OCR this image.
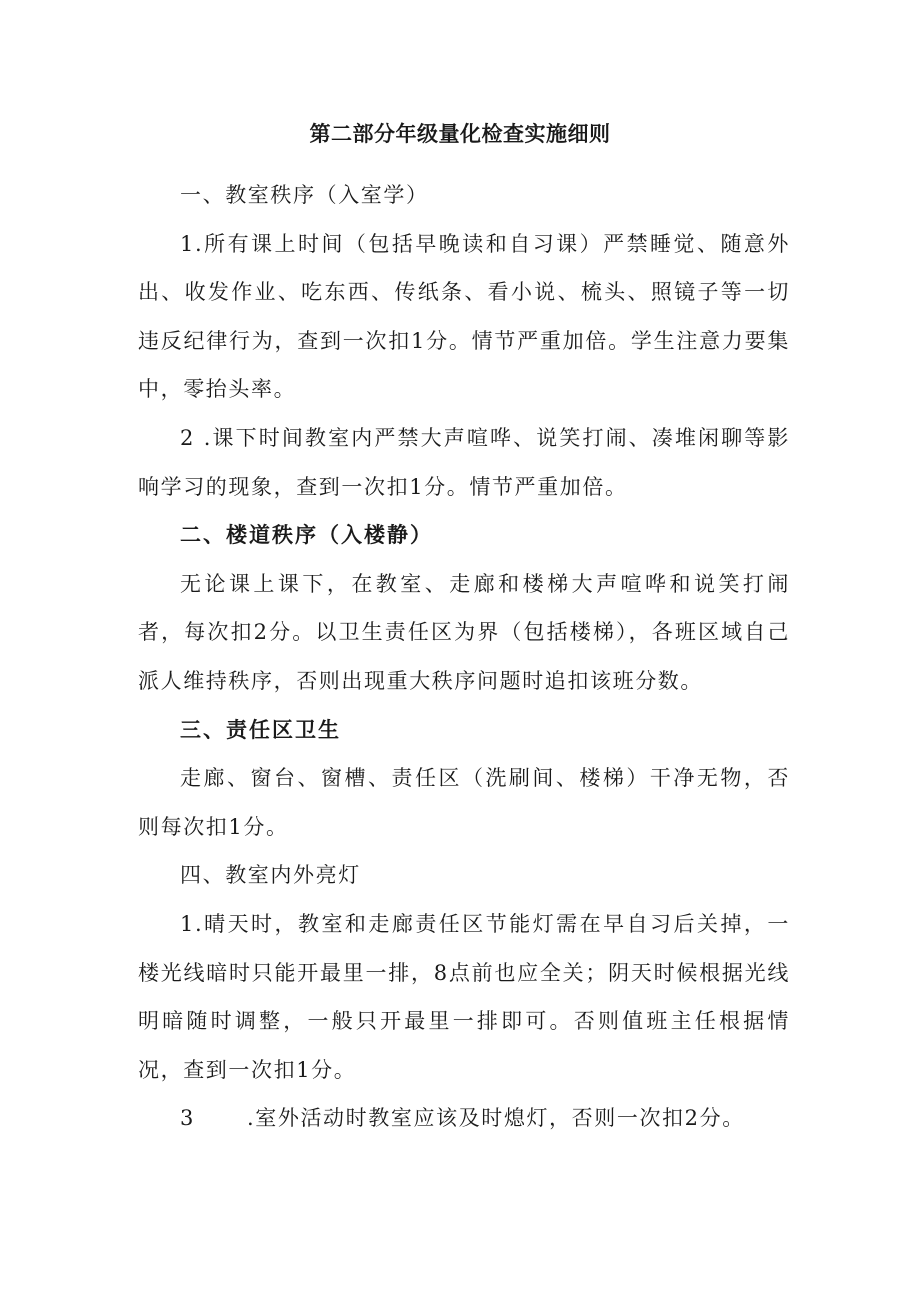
第二部分年级量化检查实施细则

一、教室秩序（入室学）

1.所有课上时间（包括早晚读和自习课）严禁睡觉、随意外出、收发作业、吃东西、传纸条、看小说、梳头、照镜子等一切违反纪律行为，查到一次扣1分。情节严重加倍。学生注意力要集中，零抬头率。

2 .课下时间教室内严禁大声喧哗、说笑打闹、凑堆闲聊等影响学习的现象，查到一次扣1分。情节严重加倍。

二、楼道秩序（入楼静）

无论课上课下，在教室、走廊和楼梯大声喧哗和说笑打闹者，每次扣2分。以卫生责任区为界（包括楼梯），各班区域自己派人维持秩序，否则出现重大秩序问题时追扣该班分数。

三、责任区卫生

走廊、窗台、窗槽、责任区（洗刷间、楼梯）干净无物，否则每次扣1分。

四、教室内外亮灯

1.晴天时，教室和走廊责任区节能灯需在早自习后关掉，一楼光线暗时只能开最里一排，8点前也应全关；阴天时候根据光线明暗随时调整，一般只开最里一排即可。否则值班主任根据情况，查到一次扣1分。

3 .室外活动时教室应该及时熄灯，否则一次扣2分。
